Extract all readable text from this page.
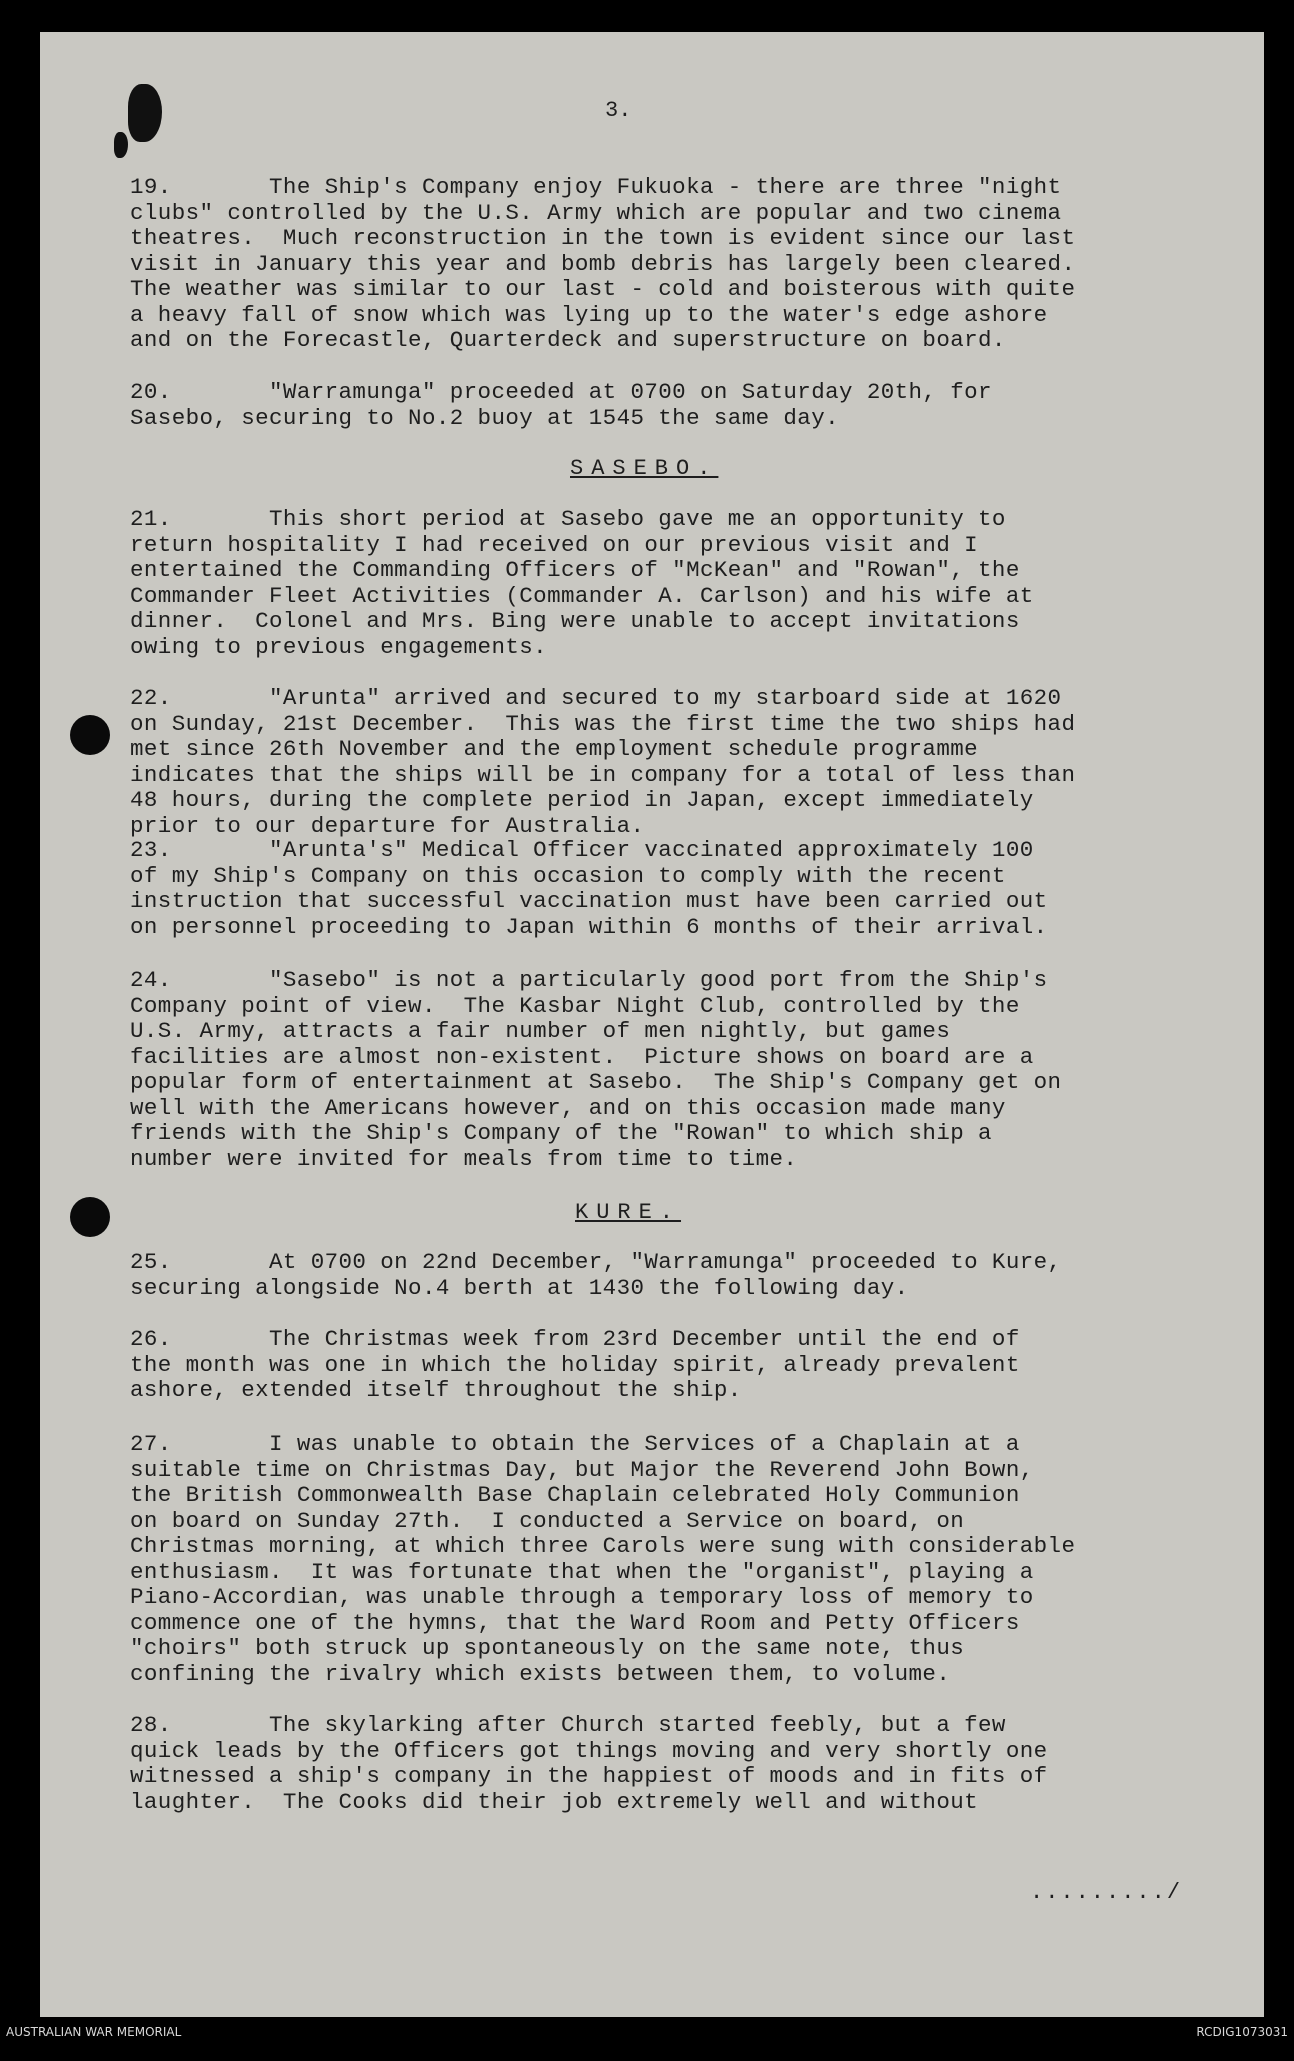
3.

19.       The Ship's Company enjoy Fukuoka - there are three "night

clubs" controlled by the U.S. Army which are popular and two cinema

theatres.  Much reconstruction in the town is evident since our last

visit in January this year and bomb debris has largely been cleared.

The weather was similar to our last - cold and boisterous with quite

a heavy fall of snow which was lying up to the water's edge ashore

and on the Forecastle, Quarterdeck and superstructure on board.

20.       "Warramunga" proceeded at 0700 on Saturday 20th, for

Sasebo, securing to No.2 buoy at 1545 the same day.

SASEBO.

21.       This short period at Sasebo gave me an opportunity to

return hospitality I had received on our previous visit and I

entertained the Commanding Officers of "McKean" and "Rowan", the

Commander Fleet Activities (Commander A. Carlson) and his wife at

dinner.  Colonel and Mrs. Bing were unable to accept invitations

owing to previous engagements.

22.       "Arunta" arrived and secured to my starboard side at 1620

on Sunday, 21st December.  This was the first time the two ships had

met since 26th November and the employment schedule programme

indicates that the ships will be in company for a total of less than

48 hours, during the complete period in Japan, except immediately

prior to our departure for Australia.

23.       "Arunta's" Medical Officer vaccinated approximately 100

of my Ship's Company on this occasion to comply with the recent

instruction that successful vaccination must have been carried out

on personnel proceeding to Japan within 6 months of their arrival.

24.       "Sasebo" is not a particularly good port from the Ship's

Company point of view.  The Kasbar Night Club, controlled by the

U.S. Army, attracts a fair number of men nightly, but games

facilities are almost non-existent.  Picture shows on board are a

popular form of entertainment at Sasebo.  The Ship's Company get on

well with the Americans however, and on this occasion made many

friends with the Ship's Company of the "Rowan" to which ship a

number were invited for meals from time to time.

KURE.

25.       At 0700 on 22nd December, "Warramunga" proceeded to Kure,

securing alongside No.4 berth at 1430 the following day.

26.       The Christmas week from 23rd December until the end of

the month was one in which the holiday spirit, already prevalent

ashore, extended itself throughout the ship.

27.       I was unable to obtain the Services of a Chaplain at a

suitable time on Christmas Day, but Major the Reverend John Bown,

the British Commonwealth Base Chaplain celebrated Holy Communion

on board on Sunday 27th.  I conducted a Service on board, on

Christmas morning, at which three Carols were sung with considerable

enthusiasm.  It was fortunate that when the "organist", playing a

Piano-Accordian, was unable through a temporary loss of memory to

commence one of the hymns, that the Ward Room and Petty Officers

"choirs" both struck up spontaneously on the same note, thus

confining the rivalry which exists between them, to volume.

28.       The skylarking after Church started feebly, but a few

quick leads by the Officers got things moving and very shortly one

witnessed a ship's company in the happiest of moods and in fits of

laughter.  The Cooks did their job extremely well and without

........./
AUSTRALIAN WAR MEMORIAL	RCDIG1073031
